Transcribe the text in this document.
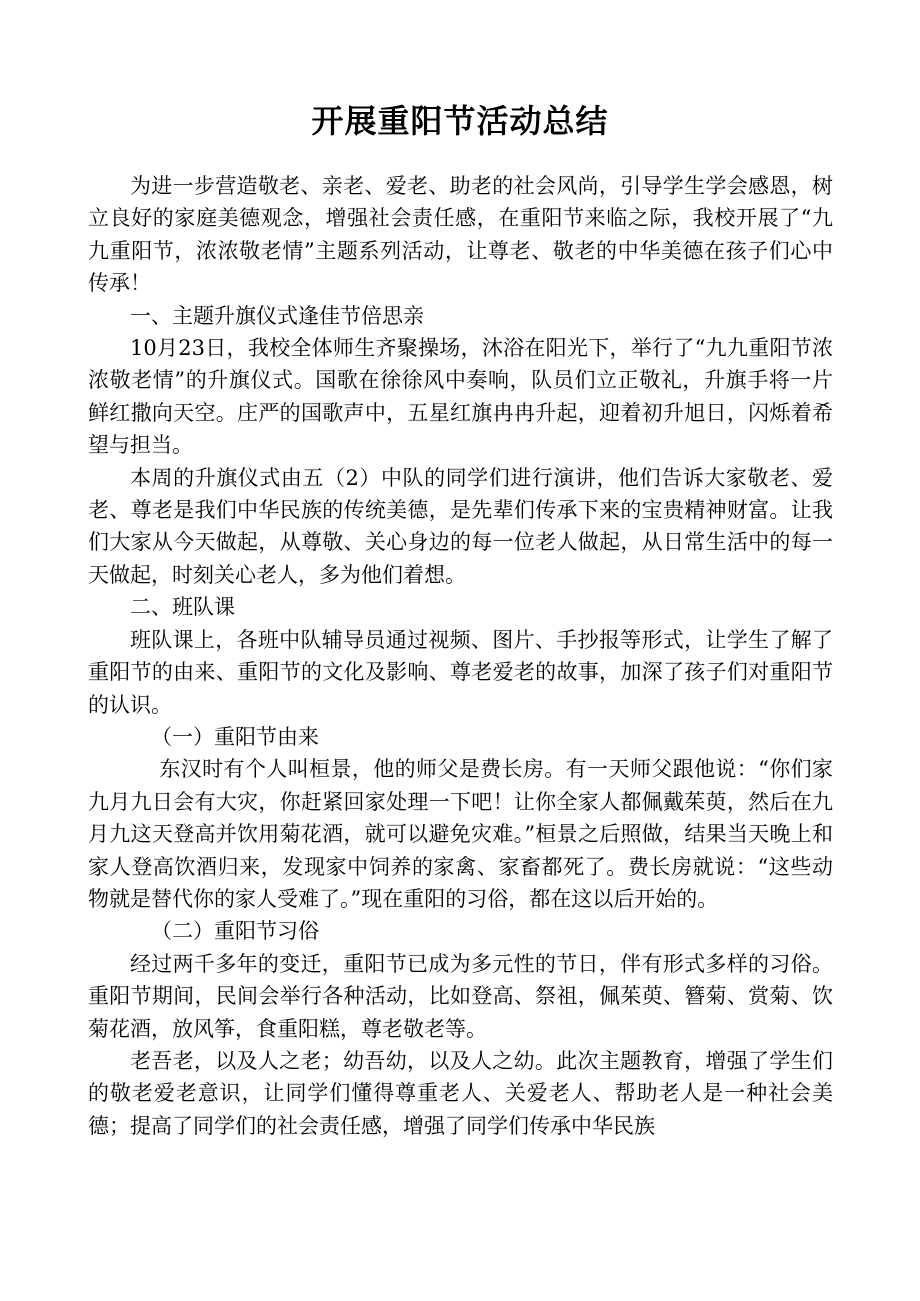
开展重阳节活动总结

为进一步营造敬老、亲老、爱老、助老的社会风尚，引导学生学会感恩，树立良好的家庭美德观念，增强社会责任感，在重阳节来临之际，我校开展了“九九重阳节，浓浓敬老情”主题系列活动，让尊老、敬老的中华美德在孩子们心中传承！

一、主题升旗仪式逢佳节倍思亲

10月23日，我校全体师生齐聚操场，沐浴在阳光下，举行了“九九重阳节浓浓敬老情”的升旗仪式。国歌在徐徐风中奏响，队员们立正敬礼，升旗手将一片鲜红撒向天空。庄严的国歌声中，五星红旗冉冉升起，迎着初升旭日，闪烁着希望与担当。

本周的升旗仪式由五（2）中队的同学们进行演讲，他们告诉大家敬老、爱老、尊老是我们中华民族的传统美德，是先辈们传承下来的宝贵精神财富。让我们大家从今天做起，从尊敬、关心身边的每一位老人做起，从日常生活中的每一天做起，时刻关心老人，多为他们着想。

二、班队课

班队课上，各班中队辅导员通过视频、图片、手抄报等形式，让学生了解了重阳节的由来、重阳节的文化及影响、尊老爱老的故事，加深了孩子们对重阳节的认识。

（一）重阳节由来

东汉时有个人叫桓景，他的师父是费长房。有一天师父跟他说：“你们家九月九日会有大灾，你赶紧回家处理一下吧！让你全家人都佩戴茱萸，然后在九月九这天登高并饮用菊花酒，就可以避免灾难。”桓景之后照做，结果当天晚上和家人登高饮酒归来，发现家中饲养的家禽、家畜都死了。费长房就说：“这些动物就是替代你的家人受难了。”现在重阳的习俗，都在这以后开始的。

（二）重阳节习俗

经过两千多年的变迁，重阳节已成为多元性的节日，伴有形式多样的习俗。重阳节期间，民间会举行各种活动，比如登高、祭祖，佩茱萸、簪菊、赏菊、饮菊花酒，放风筝，食重阳糕，尊老敬老等。

老吾老，以及人之老；幼吾幼，以及人之幼。此次主题教育，增强了学生们的敬老爱老意识，让同学们懂得尊重老人、关爱老人、帮助老人是一种社会美德；提高了同学们的社会责任感，增强了同学们传承中华民族
